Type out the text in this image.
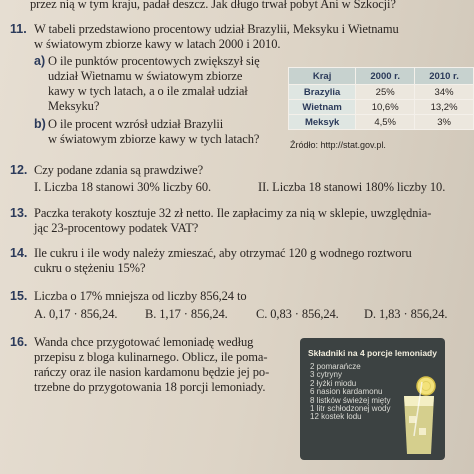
przez nią w tym kraju, padał deszcz. Jak długo trwał pobyt Ani w Szkocji?
11. W tabeli przedstawiono procentowy udział Brazylii, Meksyku i Wietnamu
w światowym zbiorze kawy w latach 2000 i 2010.
a) O ile punktów procentowych zwiększył się
udział Wietnamu w światowym zbiorze
kawy w tych latach, a o ile zmalał udział
Meksyku?
b) O ile procent wzrósł udział Brazylii
w światowym zbiorze kawy w tych latach?
Kraj	2000 r.	2010 r.
Brazylia	25%	34%
Wietnam	10,6%	13,2%
Meksyk	4,5%	3%
Źródło: http://stat.gov.pl.
12. Czy podane zdania są prawdziwe?
I. Liczba 18 stanowi 30% liczby 60.	II. Liczba 18 stanowi 180% liczby 10.
13. Paczka terakoty kosztuje 32 zł netto. Ile zapłacimy za nią w sklepie, uwzględnia-
jąc 23-procentowy podatek VAT?
14. Ile cukru i ile wody należy zmieszać, aby otrzymać 120 g wodnego roztworu
cukru o stężeniu 15%?
15. Liczba o 17% mniejsza od liczby 856,24 to
A. 0,17 · 856,24. B. 1,17 · 856,24. C. 0,83 · 856,24. D. 1,83 · 856,24.
16. Wanda chce przygotować lemoniadę według
przepisu z bloga kulinarnego. Oblicz, ile poma-
rańczy oraz ile nasion kardamonu będzie jej po-
trzebne do przygotowania 18 porcji lemoniady.
Składniki na 4 porcje lemoniady
2 pomarańcze
3 cytryny
2 łyżki miodu
6 nasion kardamonu
8 listków świeżej mięty
1 litr schłodzonej wody
12 kostek lodu
